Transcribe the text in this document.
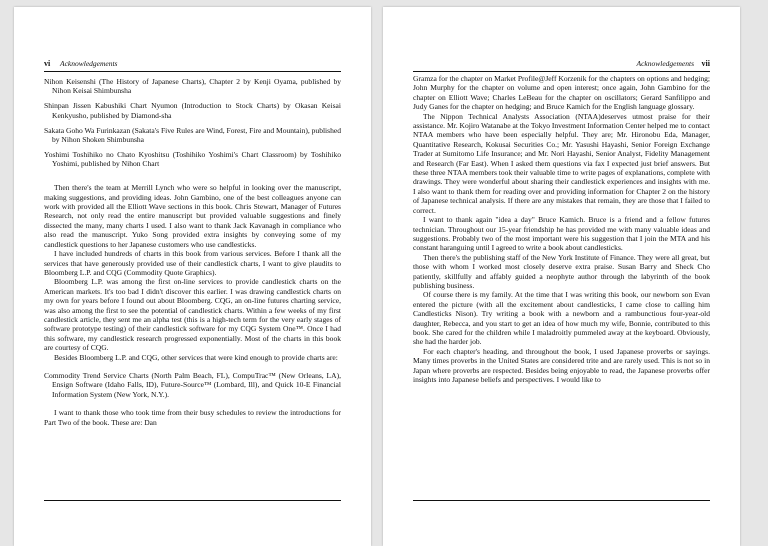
vi Acknowledgements

Nihon Keisenshi (The History of Japanese Charts), Chapter 2 by Kenji Oyama, published by Nihon Keisai Shimbunsha

Shinpan Jissen Kabushiki Chart Nyumon (Introduction to Stock Charts) by Okasan Keisai Kenkyusho, published by Diamond-sha

Sakata Goho Wa Furinkazan (Sakata's Five Rules are Wind, Forest, Fire and Mountain), published by Nihon Shoken Shimbunsha

Yoshimi Toshihiko no Chato Kyoshitsu (Toshihiko Yoshimi's Chart Classroom) by Toshihiko Yoshimi, published by Nihon Chart

Then there's the team at Merrill Lynch who were so helpful in looking over the manuscript, making suggestions, and providing ideas. John Gambino, one of the best colleagues anyone can work with provided all the Elliott Wave sections in this book. Chris Stewart, Manager of Futures Research, not only read the entire manuscript but provided valuable suggestions and finely dissected the many, many charts I used. I also want to thank Jack Kavanagh in compliance who also read the manuscript. Yuko Song provided extra insights by conveying some of my candlestick questions to her Japanese customers who use candlesticks.

I have included hundreds of charts in this book from various services. Before I thank all the services that have generously provided use of their candlestick charts, I want to give plaudits to Bloomberg L.P. and CQG (Commodity Quote Graphics).

Bloomberg L.P. was among the first on-line services to provide candlestick charts on the American markets. It's too bad I didn't discover this earlier. I was drawing candlestick charts on my own for years before I found out about Bloomberg. CQG, an on-line futures charting service, was also among the first to see the potential of candlestick charts. Within a few weeks of my first candlestick article, they sent me an alpha test (this is a high-tech term for the very early stages of software prototype testing) of their candlestick software for my CQG System One™. Once I had this software, my candlestick research progressed exponentially. Most of the charts in this book are courtesy of CQG.

Besides Bloomberg L.P. and CQG, other services that were kind enough to provide charts are:

Commodity Trend Service Charts (North Palm Beach, FL), CompuTrac™ (New Orleans, LA), Ensign Software (Idaho Falls, ID), Future-Source™ (Lombard, Ill), and Quick 10-E Financial Information System (New York, N.Y.).

I want to thank those who took time from their busy schedules to review the introductions for Part Two of the book. These are: Dan

Acknowledgements vii

Gramza for the chapter on Market Profile@Jeff Korzenik for the chapters on options and hedging; John Murphy for the chapter on volume and open interest; once again, John Gambino for the chapter on Elliott Wave; Charles LeBeau for the chapter on oscillators; Gerard Sanfilippo and Judy Ganes for the chapter on hedging; and Bruce Kamich for the English language glossary.

The Nippon Technical Analysts Association (NTAA)deserves utmost praise for their assistance. Mr. Kojiro Watanabe at the Tokyo Investment Information Center helped me to contact NTAA members who have been especially helpful. They are; Mr. Hironobu Eda, Manager, Quantitative Research, Kokusai Securities Co.; Mr. Yasushi Hayashi, Senior Foreign Exchange Trader at Sumitomo Life Insurance; and Mr. Nori Hayashi, Senior Analyst, Fidelity Management and Research (Far East). When I asked them questions via fax I expected just brief answers. But these three NTAA members took their valuable time to write pages of explanations, complete with drawings. They were wonderful about sharing their candlestick experiences and insights with me. I also want to thank them for reading over and providing information for Chapter 2 on the history of Japanese technical analysis. If there are any mistakes that remain, they are those that I failed to correct.

I want to thank again "idea a day" Bruce Kamich. Bruce is a friend and a fellow futures technician. Throughout our 15-year friendship he has provided me with many valuable ideas and suggestions. Probably two of the most important were his suggestion that I join the MTA and his constant haranguing until I agreed to write a book about candlesticks.

Then there's the publishing staff of the New York Institute of Finance. They were all great, but those with whom I worked most closely deserve extra praise. Susan Barry and Sheck Cho patiently, skillfully and affably guided a neophyte author through the labyrinth of the book publishing business.

Of course there is my family. At the time that I was writing this book, our newborn son Evan entered the picture (with all the excitement about candlesticks, I came close to calling him Candlesticks Nison). Try writing a book with a newborn and a rambunctious four-year-old daughter, Rebecca, and you start to get an idea of how much my wife, Bonnie, contributed to this book. She cared for the children while I maladroitly pummeled away at the keyboard. Obviously, she had the harder job.

For each chapter's heading, and throughout the book, I used Japanese proverbs or sayings. Many times proverbs in the United States are considered trite and are rarely used. This is not so in Japan where proverbs are respected. Besides being enjoyable to read, the Japanese proverbs offer insights into Japanese beliefs and perspectives. I would like to
